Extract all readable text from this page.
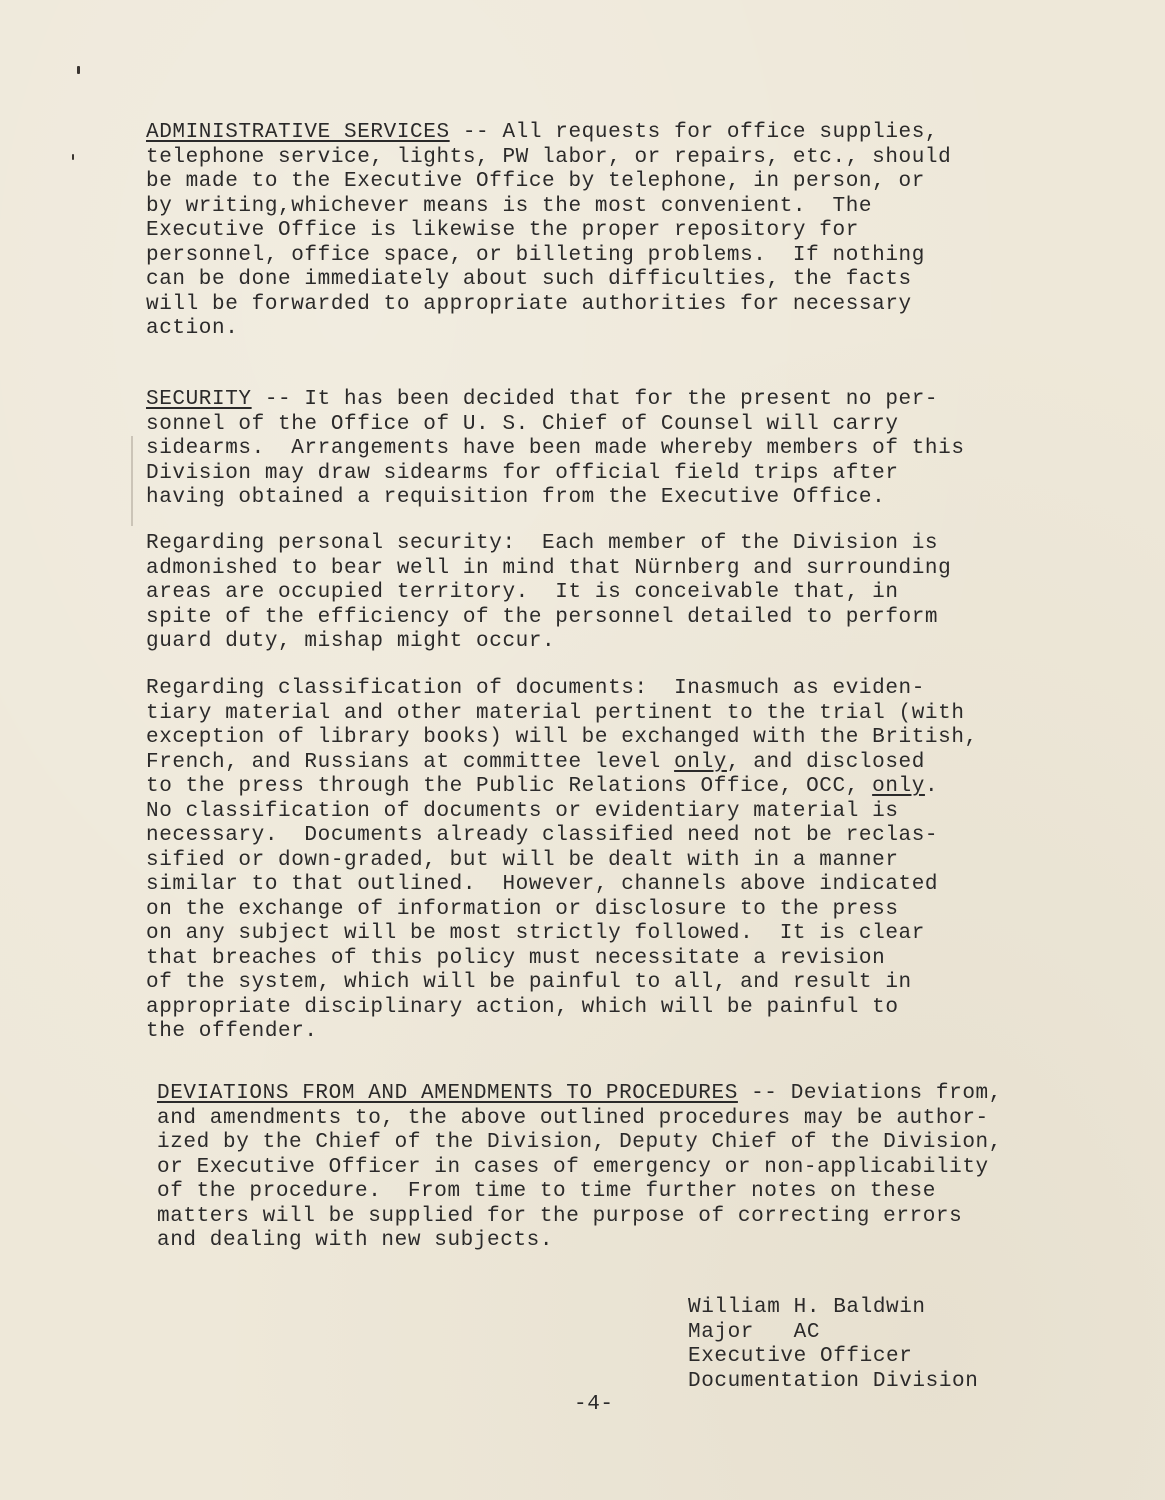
ADMINISTRATIVE SERVICES -- All requests for office supplies,
telephone service, lights, PW labor, or repairs, etc., should
be made to the Executive Office by telephone, in person, or
by writing,whichever means is the most convenient.  The
Executive Office is likewise the proper repository for
personnel, office space, or billeting problems.  If nothing
can be done immediately about such difficulties, the facts
will be forwarded to appropriate authorities for necessary
action.
SECURITY -- It has been decided that for the present no per-
sonnel of the Office of U. S. Chief of Counsel will carry
sidearms.  Arrangements have been made whereby members of this
Division may draw sidearms for official field trips after
having obtained a requisition from the Executive Office.
Regarding personal security:  Each member of the Division is
admonished to bear well in mind that Nürnberg and surrounding
areas are occupied territory.  It is conceivable that, in
spite of the efficiency of the personnel detailed to perform
guard duty, mishap might occur.
Regarding classification of documents:  Inasmuch as eviden-
tiary material and other material pertinent to the trial (with
exception of library books) will be exchanged with the British,
French, and Russians at committee level only, and disclosed
to the press through the Public Relations Office, OCC, only.
No classification of documents or evidentiary material is
necessary.  Documents already classified need not be reclas-
sified or down-graded, but will be dealt with in a manner
similar to that outlined.  However, channels above indicated
on the exchange of information or disclosure to the press
on any subject will be most strictly followed.  It is clear
that breaches of this policy must necessitate a revision
of the system, which will be painful to all, and result in
appropriate disciplinary action, which will be painful to
the offender.
DEVIATIONS FROM AND AMENDMENTS TO PROCEDURES -- Deviations from,
and amendments to, the above outlined procedures may be author-
ized by the Chief of the Division, Deputy Chief of the Division,
or Executive Officer in cases of emergency or non-applicability
of the procedure.  From time to time further notes on these
matters will be supplied for the purpose of correcting errors
and dealing with new subjects.
William H. Baldwin
Major   AC
Executive Officer
Documentation Division
-4-
